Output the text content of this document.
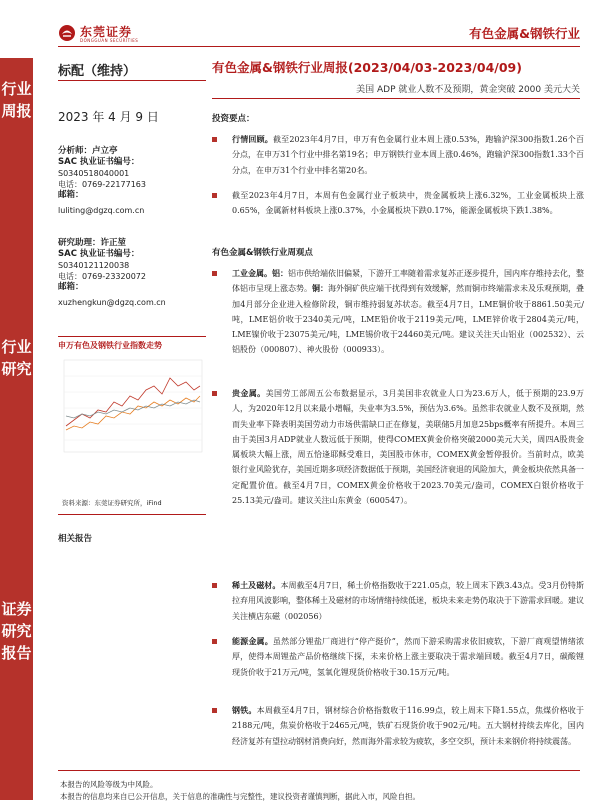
东莞证券
DONGGUAN SECURITIES	有色金属&钢铁行业
行业周报
行业研究
证券研究报告
标配（维持）
2023 年 4 月 9 日
分析师：卢立亭
SAC 执业证书编号：
S0340518040001
电话：0769-22177163
邮箱：
luliting@dgzq.com.cn
研究助理：许正堃
SAC 执业证书编号：
S0340121120038
电话：0769-23320072
邮箱：
xuzhengkun@dgzq.com.cn
申万有色及钢铁行业指数走势
资料来源：东莞证券研究所，iFind
相关报告
有色金属&钢铁行业周报(2023/04/03-2023/04/09)
美国 ADP 就业人数不及预期，黄金突破 2000 美元大关
投资要点：
行情回顾。截至2023年4月7日，申万有色金属行业本周上涨0.53%，跑输沪深300指数1.26个百分点，在申万31个行业中排名第19名；申万钢铁行业本周上涨0.46%，跑输沪深300指数1.33个百分点，在申万31个行业中排名第20名。
截至2023年4月7日，本周有色金属行业子板块中，贵金属板块上涨6.32%，工业金属板块上涨0.65%，金属新材料板块上涨0.37%，小金属板块下跌0.17%，能源金属板块下跌1.38%。
有色金属&钢铁行业周观点
工业金属。铝：铝市供给端依旧偏紧，下游开工率随着需求复苏正逐步提升，国内库存维持去化，整体铝市呈现上涨态势。铜：海外铜矿供应端干扰得到有效缓解，然而铜市终端需求未及乐观预期，叠加4月部分企业进入检修阶段，铜市维持弱复苏状态。截至4月7日，LME铜价收于8861.50美元/吨，LME铝价收于2340美元/吨，LME铅价收于2119美元/吨，LME锌价收于2804美元/吨，LME镍价收于23075美元/吨，LME锡价收于24460美元/吨。建议关注天山铝业（002532）、云铝股份（000807）、神火股份（000933）。
贵金属。美国劳工部周五公布数据显示，3月美国非农就业人口为23.6万人，低于预期的23.9万人，为2020年12月以来最小增幅，失业率为3.5%，预估为3.6%。虽然非农就业人数不及预期，然而失业率下降表明美国劳动力市场供需缺口正在修复，美联储5月加息25bps概率有所提升。本周三由于美国3月ADP就业人数远低于预期，使得COMEX黄金价格突破2000美元大关，周四A股贵金属板块大幅上涨，周五恰逢耶稣受难日，美国股市休市，COMEX黄金暂停报价。当前时点，欧美银行业风险犹存，美国近期多项经济数据低于预期，美国经济衰退的风险加大，黄金板块依然具备一定配置价值。截至4月7日，COMEX黄金价格收于2023.70美元/盎司，COMEX白银价格收于25.13美元/盎司。建议关注山东黄金（600547）。
稀土及磁材。本周截至4月7日，稀土价格指数收于221.05点，较上周末下跌3.43点。受3月份特斯拉弃用风波影响，整体稀土及磁材的市场情绪持续低迷，板块未来走势仍取决于下游需求回暖。建议关注横店东磁（002056）
能源金属。虽然部分锂盐厂商进行“停产挺价”，然而下游采购需求依旧疲软，下游厂商观望情绪浓厚，使得本周锂盐产品价格继续下探，未来价格上涨主要取决于需求端回暖。截至4月7日，碳酸锂现货价收于21万元/吨，氢氧化锂现货价格收于30.15万元/吨。
钢铁。本周截至4月7日，钢材综合价格指数收于116.99点，较上周末下降1.55点，焦煤价格收于2188元/吨，焦炭价格收于2465元/吨，铁矿石现货价收于902元/吨。五大钢材持续去库化，国内经济复苏有望拉动钢材消费向好，然而海外需求较为疲软，多空交织，预计未来钢价将持续震荡。
本报告的风险等级为中风险。
本报告的信息均来自已公开信息，关于信息的准确性与完整性，建议投资者谨慎判断，据此入市，风险自担。
